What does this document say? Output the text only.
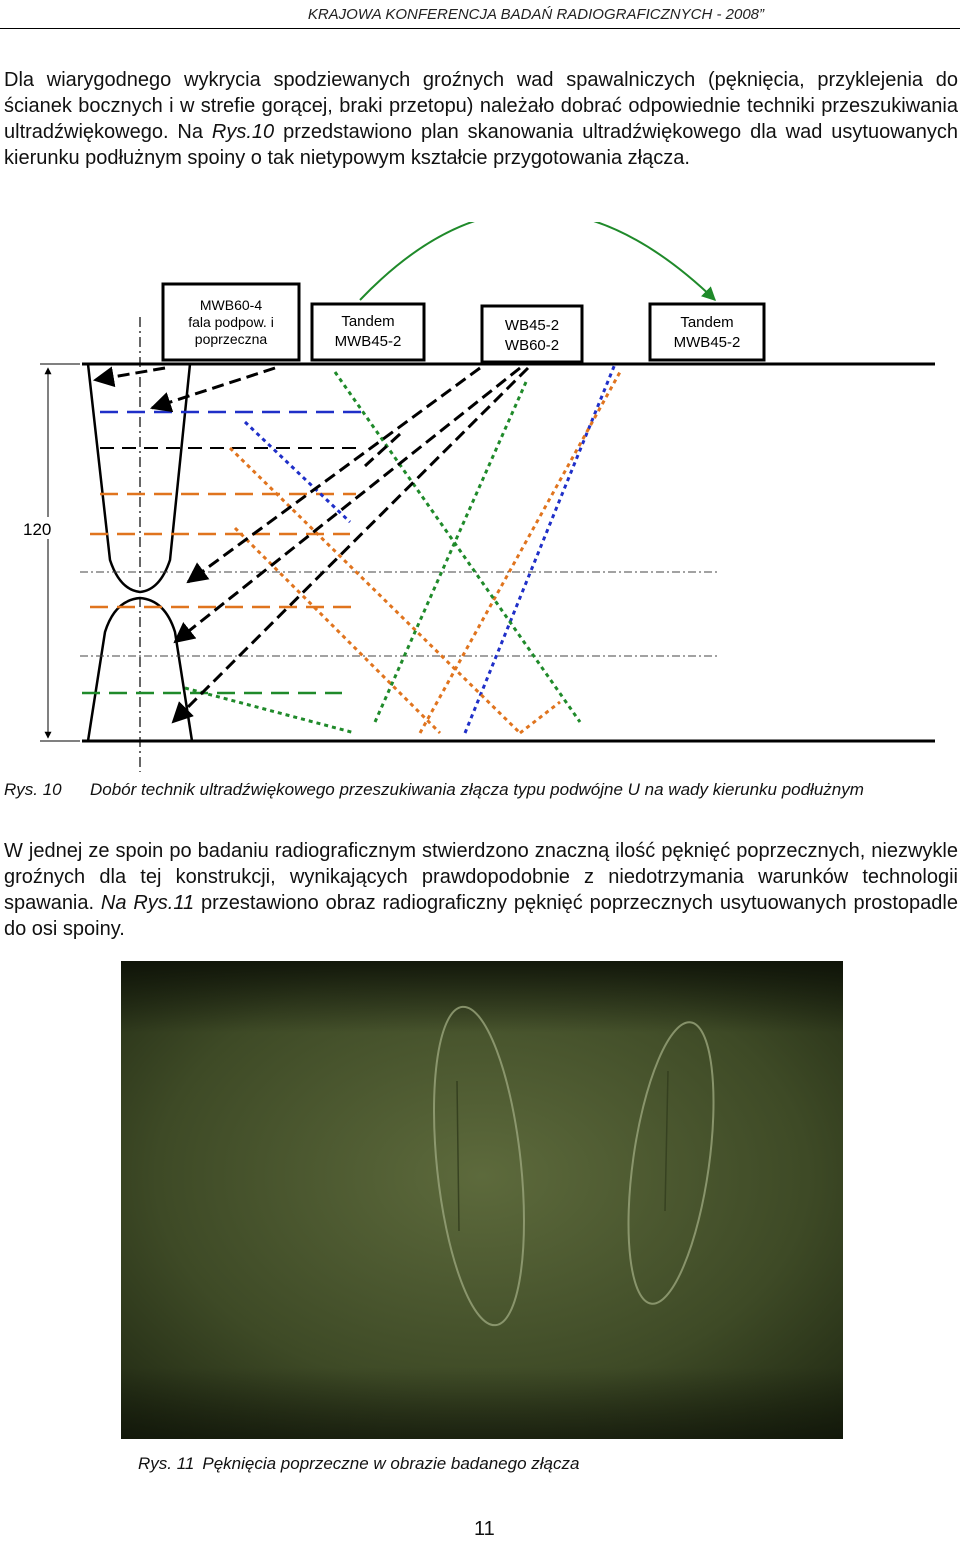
KRAJOWA KONFERENCJA BADAŃ RADIOGRAFICZNYCH - 2008”

Dla wiarygodnego wykrycia spodziewanych groźnych wad spawalniczych (pęknięcia, przyklejenia do ścianek bocznych i w strefie gorącej, braki przetopu) należało dobrać odpowiednie techniki przeszukiwania ultradźwiękowego. Na Rys.10 przedstawiono plan skanowania ultradźwiękowego dla wad usytuowanych kierunku podłużnym spoiny o tak nietypowym kształcie przygotowania złącza.

120
MWB60-4
fala podpow. i
poprzeczna
Tandem
MWB45-2
WB45-2
WB60-2
Tandem
MWB45-2
Rys. 10 Dobór technik ultradźwiękowego przeszukiwania złącza typu podwójne U na wady kierunku podłużnym

W jednej ze spoin po badaniu radiograficznym stwierdzono znaczną ilość pęknięć poprzecznych, niezwykle groźnych dla tej konstrukcji, wynikających prawdopodobnie z niedotrzymania warunków technologii spawania. Na Rys.11 przestawiono obraz radiograficzny pęknięć poprzecznych usytuowanych prostopadle do osi spoiny.

Rys. 11 Pęknięcia poprzeczne w obrazie badanego złącza
11
